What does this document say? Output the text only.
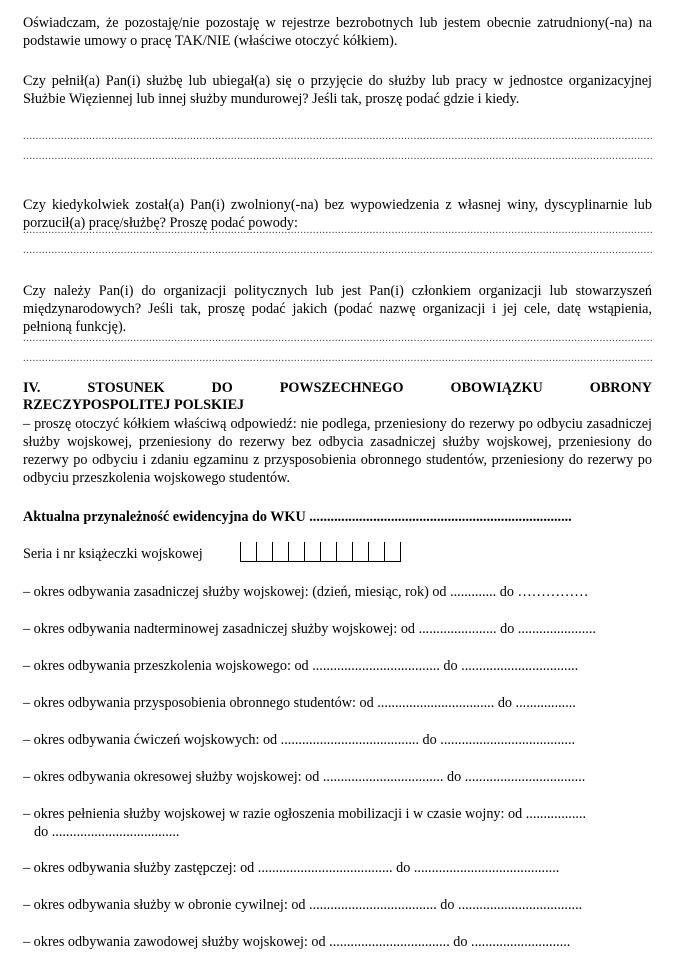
Oświadczam, że pozostaję/nie pozostaję w rejestrze bezrobotnych lub jestem obecnie zatrudniony(-na) na podstawie umowy o pracę TAK/NIE (właściwe otoczyć kółkiem).

Czy pełnił(a) Pan(i) służbę lub ubiegał(a) się o przyjęcie do służby lub pracy w jednostce organizacyjnej Służbie Więziennej lub innej służby mundurowej? Jeśli tak, proszę podać gdzie i kiedy.

.....
.....

Czy kiedykolwiek został(a) Pan(i) zwolniony(-na) bez wypowiedzenia z własnej winy, dyscyplinarnie lub porzucił(a) pracę/służbę? Proszę podać powody:

.....
.....

Czy należy Pan(i) do organizacji politycznych lub jest Pan(i) członkiem organizacji lub stowarzyszeń międzynarodowych? Jeśli tak, proszę podać jakich (podać nazwę organizacji i jej cele, datę wstąpienia, pełnioną funkcję).

.....
.....
IV.	STOSUNEK	DO	POWSZECHNEGO	OBOWIĄZKU	OBRONY
RZECZYPOSPOLITEJ POLSKIEJ

– proszę otoczyć kółkiem właściwą odpowiedź: nie podlega, przeniesiony do rezerwy po odbyciu zasadniczej służby wojskowej, przeniesiony do rezerwy bez odbycia zasadniczej służby wojskowej, przeniesiony do rezerwy po odbyciu i zdaniu egzaminu z przysposobienia obronnego studentów, przeniesiony do rezerwy po odbyciu przeszkolenia wojskowego studentów.

Aktualna przynależność ewidencyjna do WKU ..........................................................................
Seria i nr książeczki wojskowej
– okres odbywania zasadniczej służby wojskowej: (dzień, miesiąc, rok) od ............. do ……………
– okres odbywania nadterminowej zasadniczej służby wojskowej: od ...................... do ......................
– okres odbywania przeszkolenia wojskowego: od .................................... do .................................
– okres odbywania przysposobienia obronnego studentów: od ................................. do .................
– okres odbywania ćwiczeń wojskowych: od ....................................... do ......................................
– okres odbywania okresowej służby wojskowej: od .................................. do ..................................
– okres pełnienia służby wojskowej w razie ogłoszenia mobilizacji i w czasie wojny: od .................
do ....................................
– okres odbywania służby zastępczej: od ...................................... do .........................................
– okres odbywania służby w obronie cywilnej: od .................................... do ...................................
– okres odbywania zawodowej służby wojskowej: od .................................. do ............................
